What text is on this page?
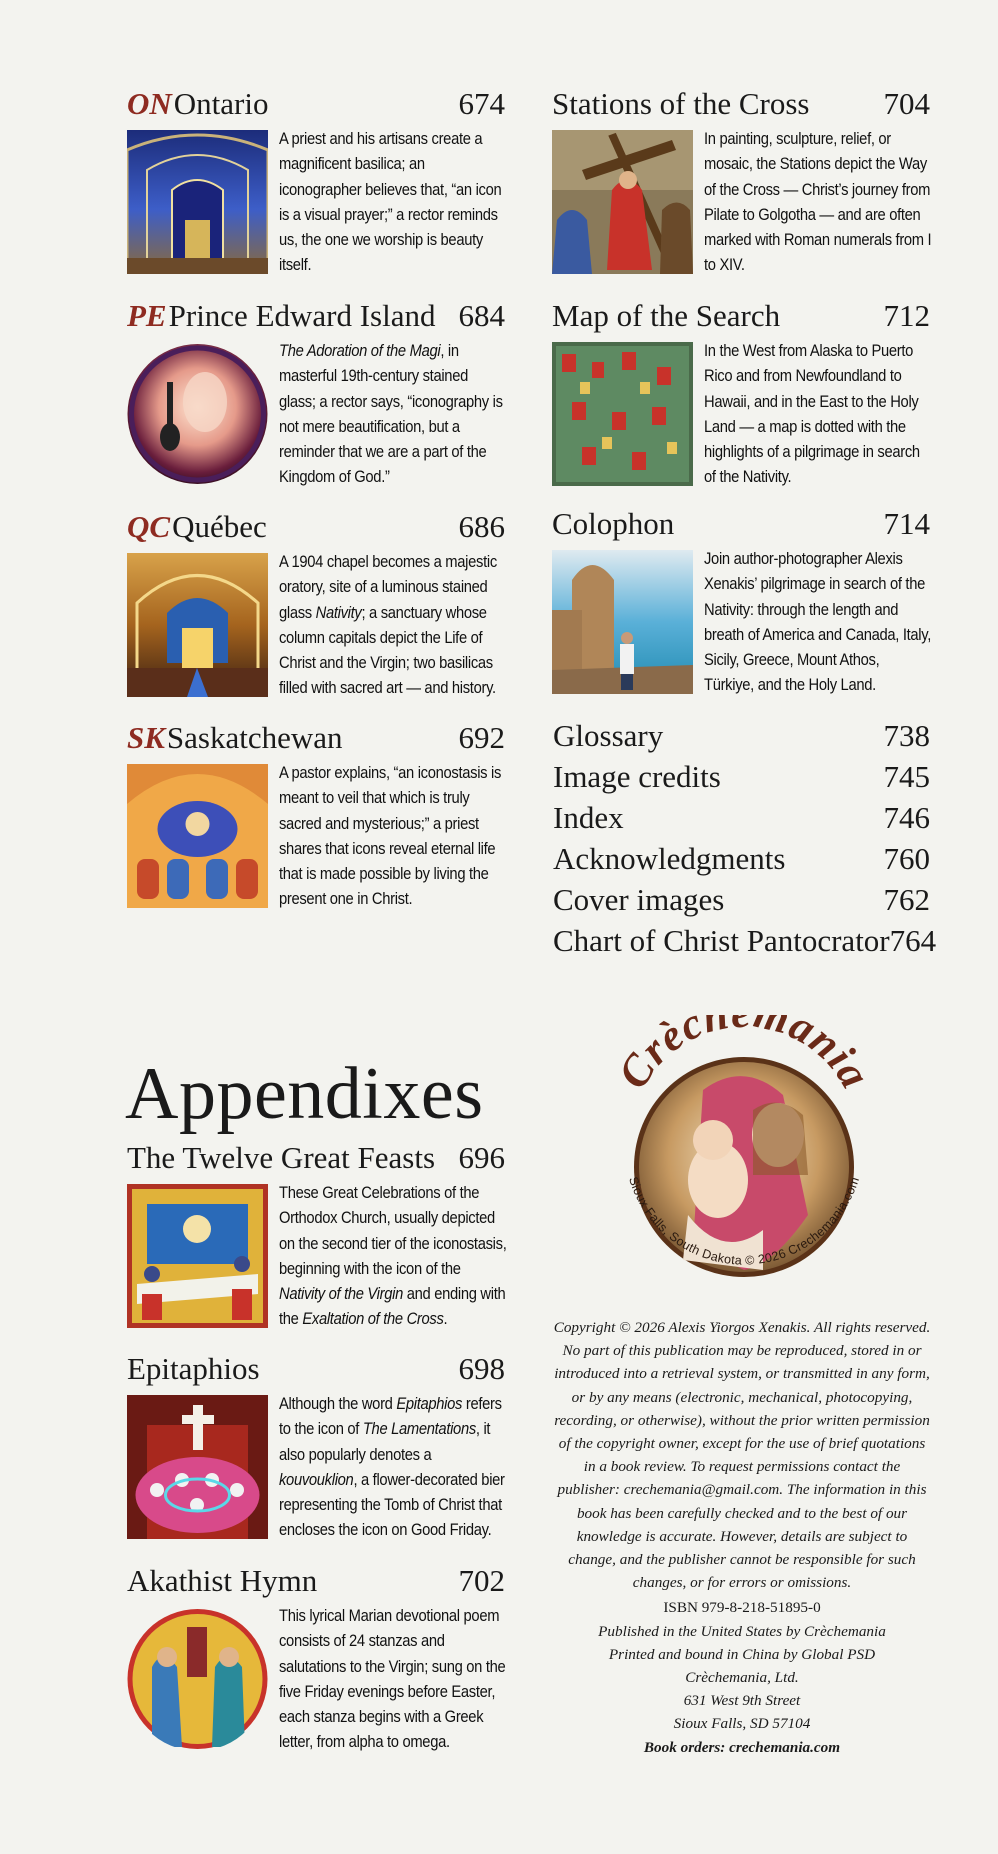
ONOntario	674
A priest and his artisans create a magnificent basilica; an iconographer believes that, “an icon is a visual prayer;” a rector reminds us, the one we worship is beauty itself.
PEPrince Edward Island 684
The Adoration of the Magi, in masterful 19th-century stained glass; a rector says, “iconography is not mere beautification, but a reminder that we are a part of the Kingdom of God.”
QCQuébec	686
A 1904 chapel becomes a majestic oratory, site of a luminous stained glass Nativity; a sanctuary whose column capitals depict the Life of Christ and the Virgin; two basilicas filled with sacred art — and history.
SKSaskatchewan	692
A pastor explains, “an iconostasis is meant to veil that which is truly sacred and mysterious;” a priest shares that icons reveal eternal life that is made possible by living the present one in Christ.
Stations of the Cross 704
In painting, sculpture, relief, or mosaic, the Stations depict the Way of the Cross — Christ’s journey from Pilate to Golgotha — and are often marked with Roman numerals from I to XIV.
Map of the Search	712
In the West from Alaska to Puerto Rico and from Newfoundland to Hawaii, and in the East to the Holy Land — a map is dotted with the highlights of a pilgrimage in search of the Nativity.
Colophon	714
Join author-photographer Alexis Xenakis’ pilgrimage in search of the Nativity: through the length and breath of America and Canada, Italy, Sicily, Greece, Mount Athos, Türkiye, and the Holy Land.
Glossary	738
Image credits	745
Index	746
Acknowledgments	760
Cover images	762
Chart of Christ Pantocrator 764
Appendixes
The Twelve Great Feasts 696
These Great Celebrations of the Orthodox Church, usually depicted on the second tier of the iconostasis, beginning with the icon of the Nativity of the Virgin and ending with the Exaltation of the Cross.
Epitaphios	698
Although the word Epitaphios refers to the icon of The Lamentations, it also popularly denotes a kouvouklion, a flower-decorated bier representing the Tomb of Christ that encloses the icon on Good Friday.
Akathist Hymn	702
This lyrical Marian devotional poem consists of 24 stanzas and salutations to the Virgin; sung on the five Friday evenings before Easter, each stanza begins with a Greek letter, from alpha to omega.
Crèch mania
Sioux Falls, South Dakota © 2026 Crechemania.com

Copyright © 2026 Alexis Yiorgos Xenakis. All rights reserved. No part of this publication may be reproduced, stored in or introduced into a retrieval system, or transmitted in any form, or by any means (electronic, mechanical, photocopying, recording, or otherwise), without the prior written permission of the copyright owner, except for the use of brief quotations in a book review. To request permissions contact the publisher: crechemania@gmail.com. The information in this book has been carefully checked and to the best of our knowledge is accurate. However, details are subject to change, and the publisher cannot be responsible for such changes, or for errors or omissions.

ISBN 979-8-218-51895-0

Published in the United States by Crèchemania

Printed and bound in China by Global PSD

Crèchemania, Ltd.

631 West 9th Street

Sioux Falls, SD 57104

Book orders: crechemania.com
